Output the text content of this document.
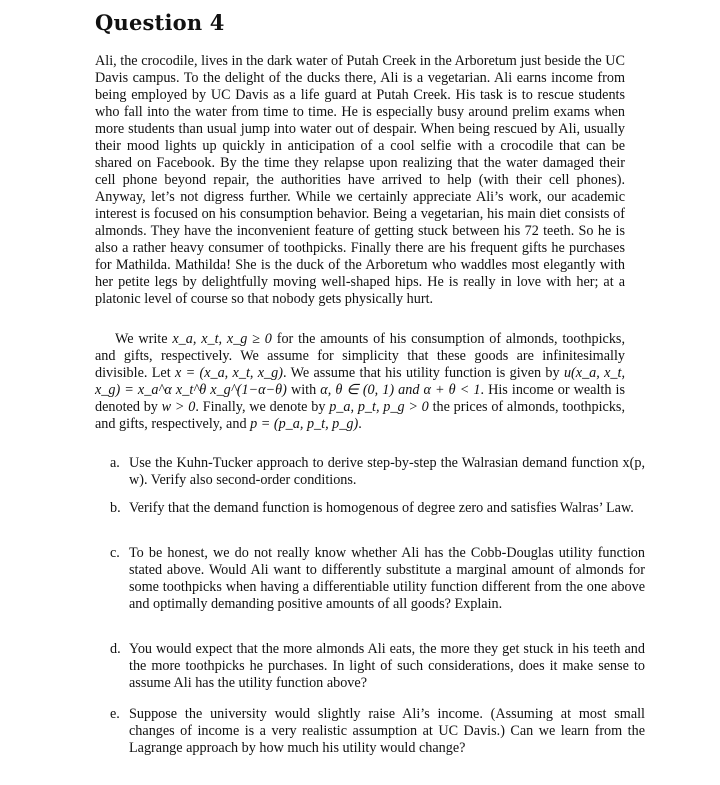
Question 4

Ali, the crocodile, lives in the dark water of Putah Creek in the Arboretum just beside the UC Davis campus. To the delight of the ducks there, Ali is a vegetarian. Ali earns income from being employed by UC Davis as a life guard at Putah Creek. His task is to rescue students who fall into the water from time to time. He is especially busy around prelim exams when more students than usual jump into water out of despair. When being rescued by Ali, usually their mood lights up quickly in anticipation of a cool selfie with a crocodile that can be shared on Facebook. By the time they relapse upon realizing that the water damaged their cell phone beyond repair, the authorities have arrived to help (with their cell phones). Anyway, let’s not digress further. While we certainly appreciate Ali’s work, our academic interest is focused on his consumption behavior. Being a vegetarian, his main diet consists of almonds. They have the inconvenient feature of getting stuck between his 72 teeth. So he is also a rather heavy consumer of toothpicks. Finally there are his frequent gifts he purchases for Mathilda. Mathilda! She is the duck of the Arboretum who waddles most elegantly with her petite legs by delightfully moving well-shaped hips. He is really in love with her; at a platonic level of course so that nobody gets physically hurt.

We write x_a, x_t, x_g ≥ 0 for the amounts of his consumption of almonds, toothpicks, and gifts, respectively. We assume for simplicity that these goods are infinitesimally divisible. Let x = (x_a, x_t, x_g). We assume that his utility function is given by u(x_a, x_t, x_g) = x_a^α x_t^θ x_g^(1−α−θ) with α, θ ∈ (0, 1) and α + θ < 1. His income or wealth is denoted by w > 0. Finally, we denote by p_a, p_t, p_g > 0 the prices of almonds, toothpicks, and gifts, respectively, and p = (p_a, p_t, p_g).

a. Use the Kuhn-Tucker approach to derive step-by-step the Walrasian demand function x(p, w). Verify also second-order conditions.
b. Verify that the demand function is homogenous of degree zero and satisfies Walras’ Law.
c. To be honest, we do not really know whether Ali has the Cobb-Douglas utility function stated above. Would Ali want to differently substitute a marginal amount of almonds for some toothpicks when having a differentiable utility function different from the one above and optimally demanding positive amounts of all goods? Explain.
d. You would expect that the more almonds Ali eats, the more they get stuck in his teeth and the more toothpicks he purchases. In light of such considerations, does it make sense to assume Ali has the utility function above?
e. Suppose the university would slightly raise Ali’s income. (Assuming at most small changes of income is a very realistic assumption at UC Davis.) Can we learn from the Lagrange approach by how much his utility would change?
